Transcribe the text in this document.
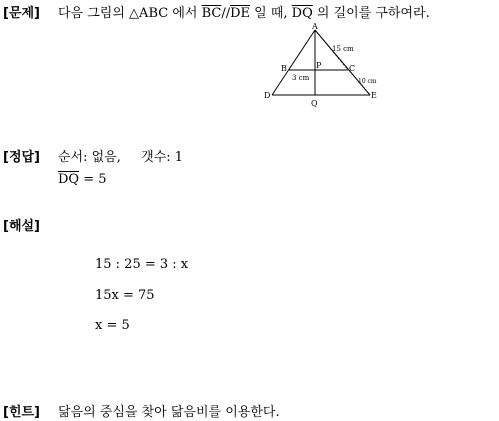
[문제] 다음 그림의 △ABC 에서 $\overline{BC}//\overline{DE}$ 일 때, $\overline{DQ}$ 의 길이를 구하여라.
A
B	C
D	E
P
Q
15 cm
10 cm
3 cm
[정답] 순서: 없음, 갯수: 1
$\overline{DQ} = 5$
[해설]
15 : 25 = 3 : x
15x = 75
x = 5
[힌트] 닮음의 중심을 찾아 닮음비를 이용한다.
